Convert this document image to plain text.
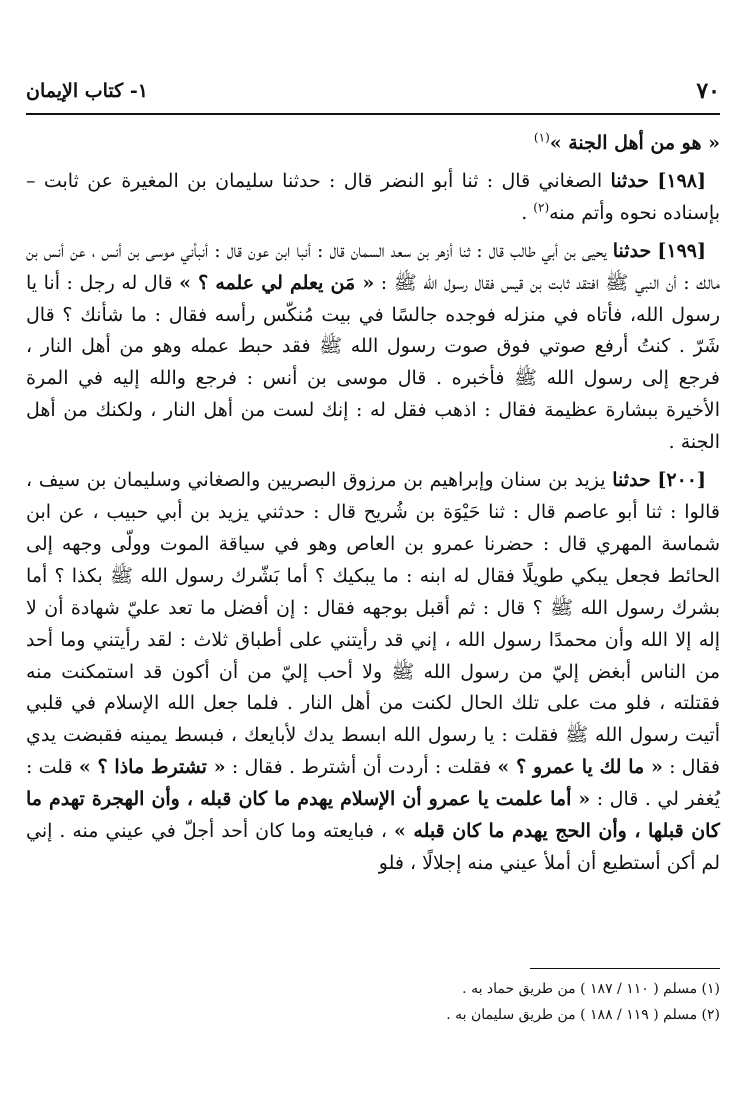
٧٠
١- كتاب الإيمان

« هو من أهل الجنة »$^{(١)}$

[١٩٨] حدثنا الصغاني قال : ثنا أبو النضر قال : حدثنا سليمان بن المغيرة عن ثابت – بإسناده نحوه وأتم منه$^{(٢)}$ .

[١٩٩] حدثنا يحيى بن أبي طالب قال : ثنا أزهر بن سعد السمان قال : أنبا ابن عون قال : أنبأني موسى بن أنس ، عن أنس بن مالك : أن النبي ﷺ افتقد ثابت بن قيس فقال رسول الله ﷺ : « مَن يعلم لي علمه ؟ » قال له رجل : أنا يا رسول الله، فأتاه في منزله فوجده جالسًا في بيت مُنكّس رأسه فقال : ما شأنك ؟ قال شَرّ . كنتُ أرفع صوتي فوق صوت رسول الله ﷺ فقد حبط عمله وهو من أهل النار ، فرجع إلى رسول الله ﷺ فأخبره . قال موسى بن أنس : فرجع والله إليه في المرة الأخيرة ببشارة عظيمة فقال : اذهب فقل له : إنك لست من أهل النار ، ولكنك من أهل الجنة .

[٢٠٠] حدثنا يزيد بن سنان وإبراهيم بن مرزوق البصريين والصغاني وسليمان بن سيف ، قالوا : ثنا أبو عاصم قال : ثنا حَيْوَة بن شُريح قال : حدثني يزيد بن أبي حبيب ، عن ابن شماسة المهري قال : حضرنا عمرو بن العاص وهو في سياقة الموت وولّى وجهه إلى الحائط فجعل يبكي طويلًا فقال له ابنه : ما يبكيك ؟ أما بَشّرك رسول الله ﷺ بكذا ؟ أما بشرك رسول الله ﷺ ؟ قال : ثم أقبل بوجهه فقال : إن أفضل ما تعد عليّ شهادة أن لا إله إلا الله وأن محمدًا رسول الله ، إني قد رأيتني على أطباق ثلاث : لقد رأيتني وما أحد من الناس أبغض إليّ من رسول الله ﷺ ولا أحب إليّ من أن أكون قد استمكنت منه فقتلته ، فلو مت على تلك الحال لكنت من أهل النار . فلما جعل الله الإسلام في قلبي أتيت رسول الله ﷺ فقلت : يا رسول الله ابسط يدك لأبايعك ، فبسط يمينه فقبضت يدي فقال : « ما لك يا عمرو ؟ » فقلت : أردت أن أشترط . فقال : « تشترط ماذا ؟ » قلت : يُغفر لي . قال : « أما علمت يا عمرو أن الإسلام يهدم ما كان قبله ، وأن الهجرة تهدم ما كان قبلها ، وأن الحج يهدم ما كان قبله » ، فبايعته وما كان أحد أجلّ في عيني منه . إني لم أكن أستطيع أن أملأ عيني منه إجلالًا ، فلو

(١) مسلم ( ١١٠ / ١٨٧ ) من طريق حماد به .

(٢) مسلم ( ١١٩ / ١٨٨ ) من طريق سليمان به .
